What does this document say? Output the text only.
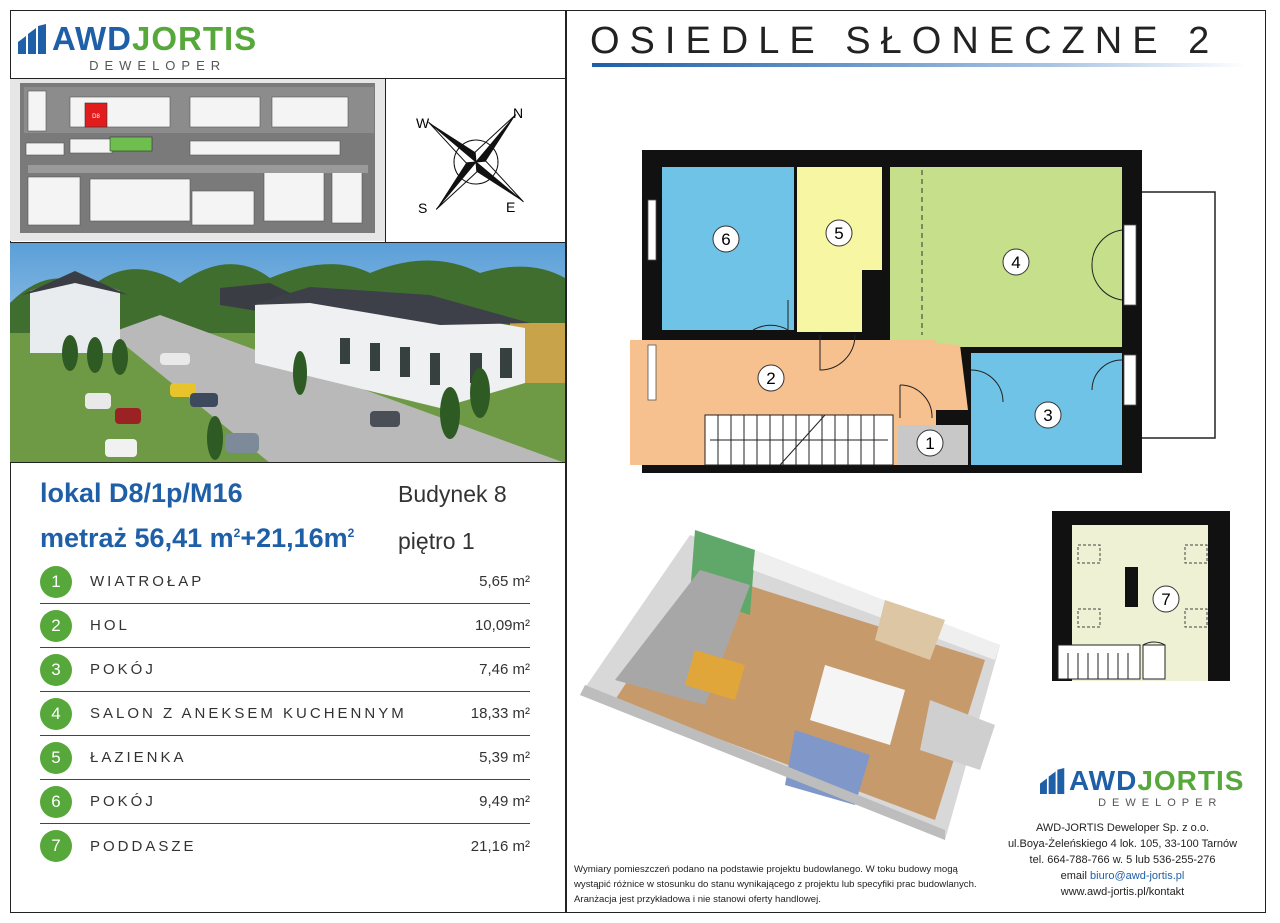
AWDJORTIS
DEWELOPER
D8	N
W
S	E
lokal D8/1p/M16
metraż 56,41 $m^2+21,16m^2$
Budynek 8
piętro 1
1	WIATROŁAP	5,65 m²
2	HOL	10,09m²
3	POKÓJ	7,46 m²
4	SALON Z ANEKSEM KUCHENNYM	18,33 m²
5	ŁAZIENKA	5,39 m²
6	POKÓJ	9,49 m²
7	PODDASZE	21,16 m²
OSIEDLE SŁONECZNE 2
6	5
4
2
3
1
7
AWDJORTIS
DEWELOPER
AWD-JORTIS Deweloper Sp. z o.o.
ul.Boya-Żeleńskiego 4 lok. 105, 33-100 Tarnów
tel. 664-788-766 w. 5 lub 536-255-276
email biuro@awd-jortis.pl
www.awd-jortis.pl/kontakt
Wymiary pomieszczeń podano na podstawie projektu budowlanego. W toku budowy mogą
wystąpić różnice w stosunku do stanu wynikającego z projektu lub specyfiki prac budowlanych.
Aranżacja jest przykładowa i nie stanowi oferty handlowej.
